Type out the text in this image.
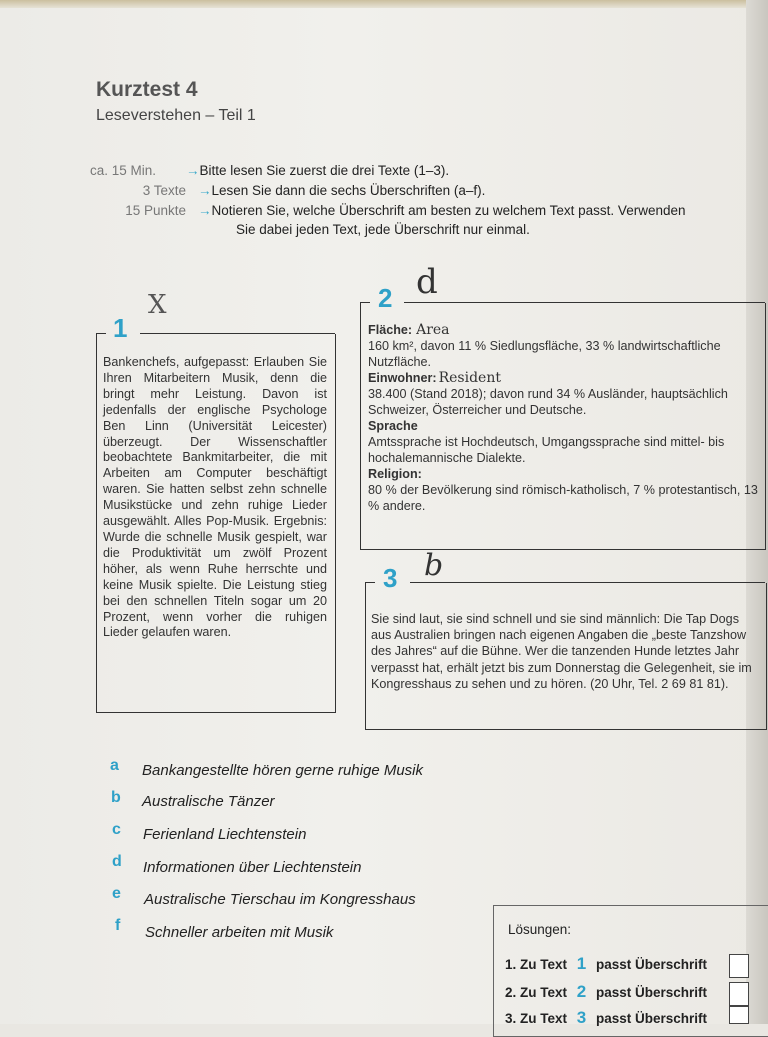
Kurztest 4
Leseverstehen – Teil 1
ca. 15 Min. →Bitte lesen Sie zuerst die drei Texte (1–3).
3 Texte →Lesen Sie dann die sechs Überschriften (a–f).
15 Punkte →Notieren Sie, welche Überschrift am besten zu welchem Text passt. Verwenden
Sie dabei jeden Text, jede Überschrift nur einmal.
1
X
Bankenchefs, aufgepasst: Erlauben Sie Ihren Mitarbeitern Musik, denn die bringt mehr Leistung. Davon ist jedenfalls der englische Psychologe Ben Linn (Universität Leicester) überzeugt. Der Wissenschaftler beobachtete Bankmitarbeiter, die mit Arbeiten am Computer beschäftigt waren. Sie hatten selbst zehn schnelle Musikstücke und zehn ruhige Lieder ausgewählt. Alles Pop-Musik. Ergebnis: Wurde die schnelle Musik gespielt, war die Produktivität um zwölf Prozent höher, als wenn Ruhe herrschte und keine Musik spielte. Die Leistung stieg bei den schnellen Titeln sogar um 20 Prozent, wenn vorher die ruhigen Lieder gelaufen waren.
2 d
Fläche: Area
160 km², davon 11 % Siedlungsfläche, 33 % landwirtschaftliche Nutzfläche.
Einwohner: Resident
38.400 (Stand 2018); davon rund 34 % Ausländer, hauptsächlich Schweizer, Österreicher und Deutsche.
Sprache
Amtssprache ist Hochdeutsch, Umgangssprache sind mittel- bis hochalemannische Dialekte.
Religion:
80 % der Bevölkerung sind römisch-katholisch, 7 % protestantisch, 13 % andere.
3 b
Sie sind laut, sie sind schnell und sie sind männlich: Die Tap Dogs aus Australien bringen nach eigenen Angaben die „beste Tanzshow des Jahres“ auf die Bühne. Wer die tanzenden Hunde letztes Jahr verpasst hat, erhält jetzt bis zum Donnerstag die Gelegenheit, sie im Kongresshaus zu sehen und zu hören. (20 Uhr, Tel. 2 69 81 81).
a Bankangestellte hören gerne ruhige Musik
b Australische Tänzer
c Ferienland Liechtenstein
d Informationen über Liechtenstein
e Australische Tierschau im Kongresshaus
f Schneller arbeiten mit Musik	Lösungen:
1. Zu Text 1 passt Überschrift
2. Zu Text 2 passt Überschrift
3. Zu Text 3 passt Überschrift
